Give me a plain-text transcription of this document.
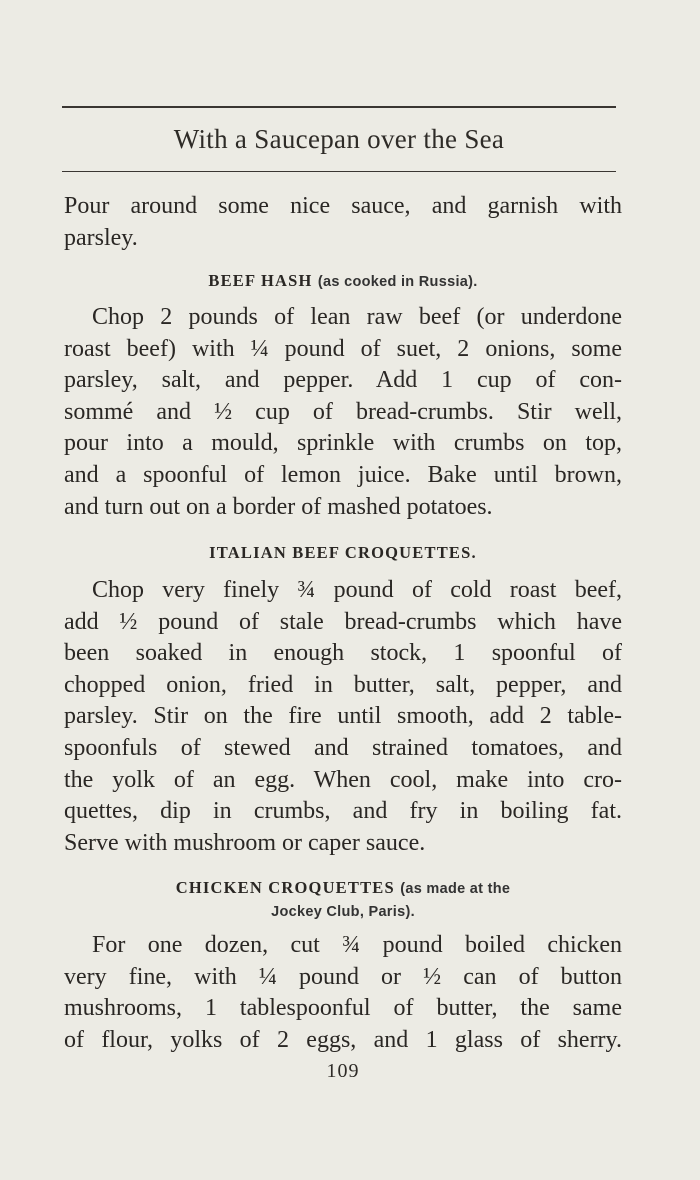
With a Saucepan over the Sea
Pour around some nice sauce, and garnish with
parsley.
BEEF HASH (as cooked in Russia).
Chop 2 pounds of lean raw beef (or underdone
roast beef) with ¼ pound of suet, 2 onions, some
parsley, salt, and pepper. Add 1 cup of con-
sommé and ½ cup of bread-crumbs. Stir well,
pour into a mould, sprinkle with crumbs on top,
and a spoonful of lemon juice. Bake until brown,
and turn out on a border of mashed potatoes.
ITALIAN BEEF CROQUETTES.
Chop very finely ¾ pound of cold roast beef,
add ½ pound of stale bread-crumbs which have
been soaked in enough stock, 1 spoonful of
chopped onion, fried in butter, salt, pepper, and
parsley. Stir on the fire until smooth, add 2 table-
spoonfuls of stewed and strained tomatoes, and
the yolk of an egg. When cool, make into cro-
quettes, dip in crumbs, and fry in boiling fat.
Serve with mushroom or caper sauce.
CHICKEN CROQUETTES (as made at the
Jockey Club, Paris).
For one dozen, cut ¾ pound boiled chicken
very fine, with ¼ pound or ½ can of button
mushrooms, 1 tablespoonful of butter, the same
of flour, yolks of 2 eggs, and 1 glass of sherry.
109
